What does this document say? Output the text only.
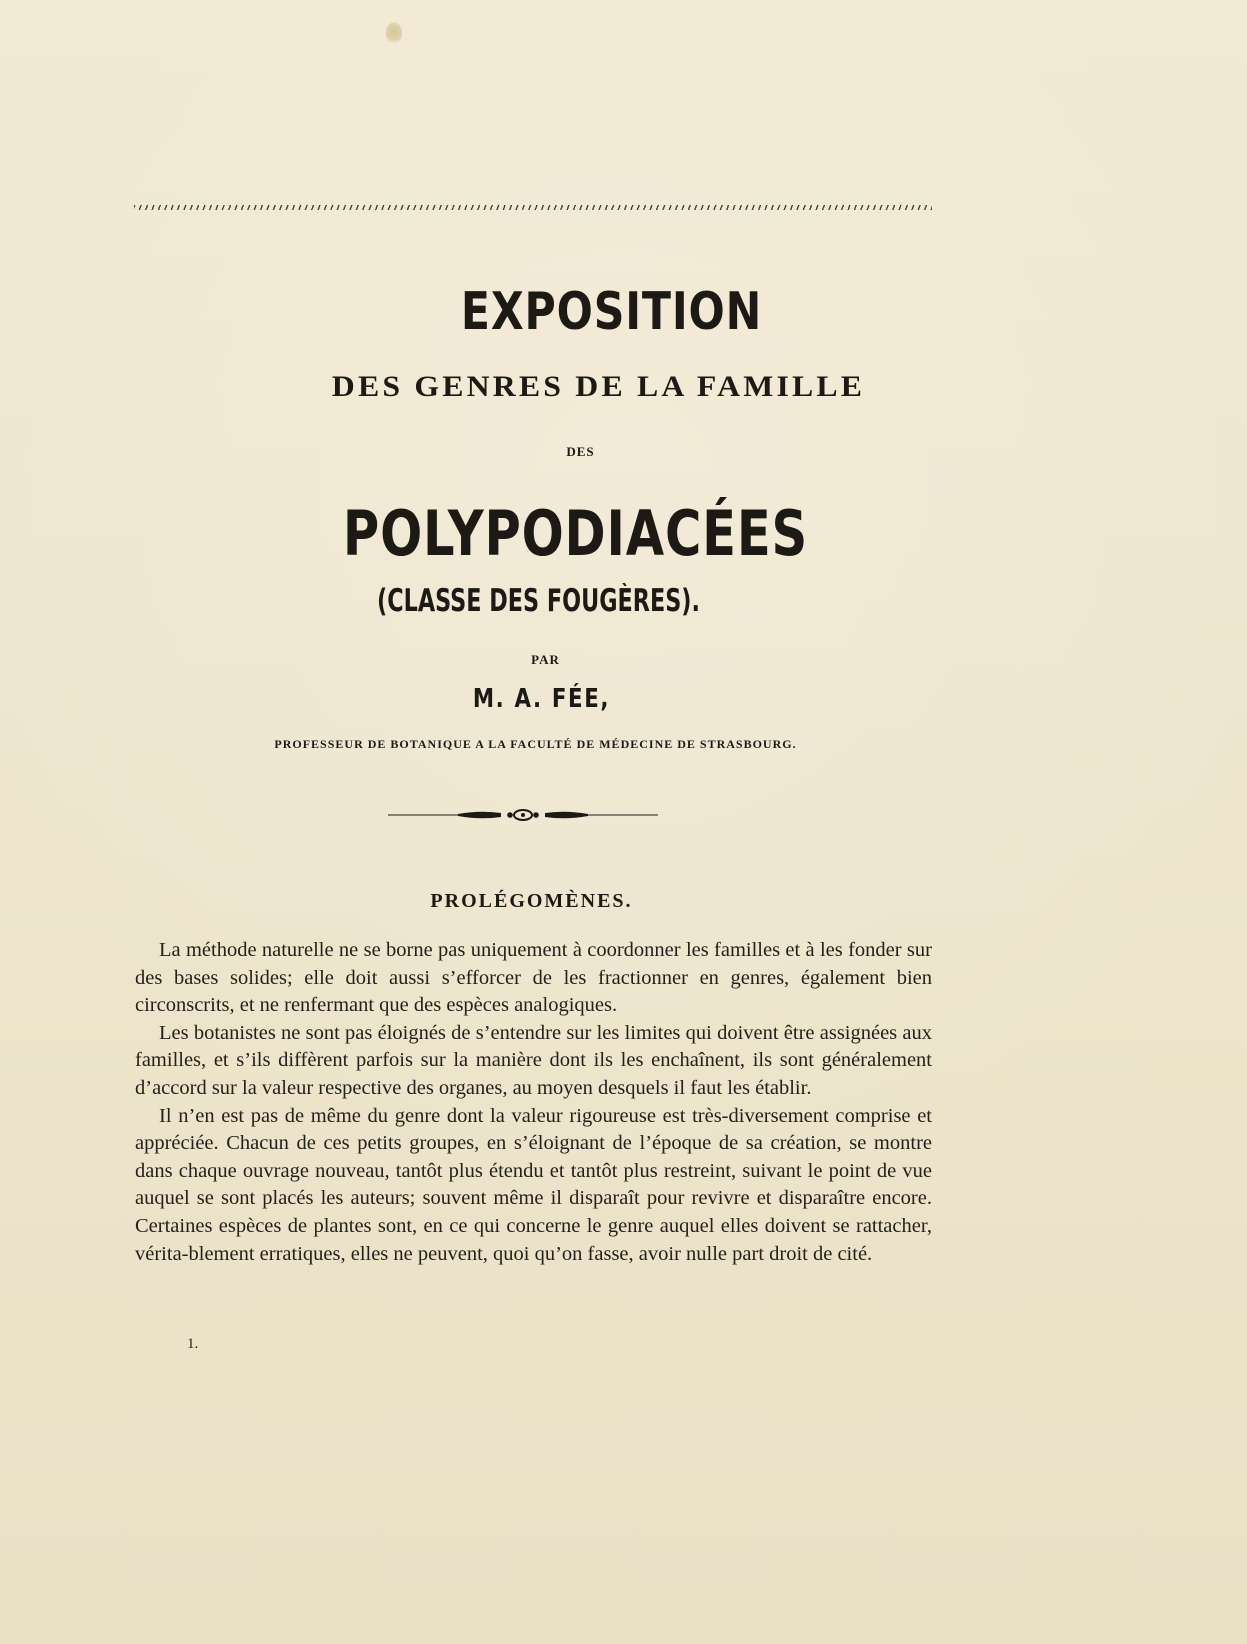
EXPOSITION
DES GENRES DE LA FAMILLE
DES
POLYPODIACÉES
(CLASSE DES FOUGÈRES).
PAR
M. A. FÉE,
PROFESSEUR DE BOTANIQUE A LA FACULTÉ DE MÉDECINE DE STRASBOURG.
PROLÉGOMÈNES.

La méthode naturelle ne se borne pas uniquement à coordonner les familles et à les fonder sur des bases solides; elle doit aussi s’efforcer de les fractionner en genres, également bien circonscrits, et ne renfermant que des espèces analogiques.

Les botanistes ne sont pas éloignés de s’entendre sur les limites qui doivent être assignées aux familles, et s’ils diffèrent parfois sur la manière dont ils les enchaînent, ils sont généralement d’accord sur la valeur respective des organes, au moyen desquels il faut les établir.

Il n’en est pas de même du genre dont la valeur rigoureuse est très-diversement comprise et appréciée. Chacun de ces petits groupes, en s’éloignant de l’époque de sa création, se montre dans chaque ouvrage nouveau, tantôt plus étendu et tantôt plus restreint, suivant le point de vue auquel se sont placés les auteurs; souvent même il disparaît pour revivre et disparaître encore. Certaines espèces de plantes sont, en ce qui concerne le genre auquel elles doivent se rattacher, vérita-blement erratiques, elles ne peuvent, quoi qu’on fasse, avoir nulle part droit de cité.

1.
